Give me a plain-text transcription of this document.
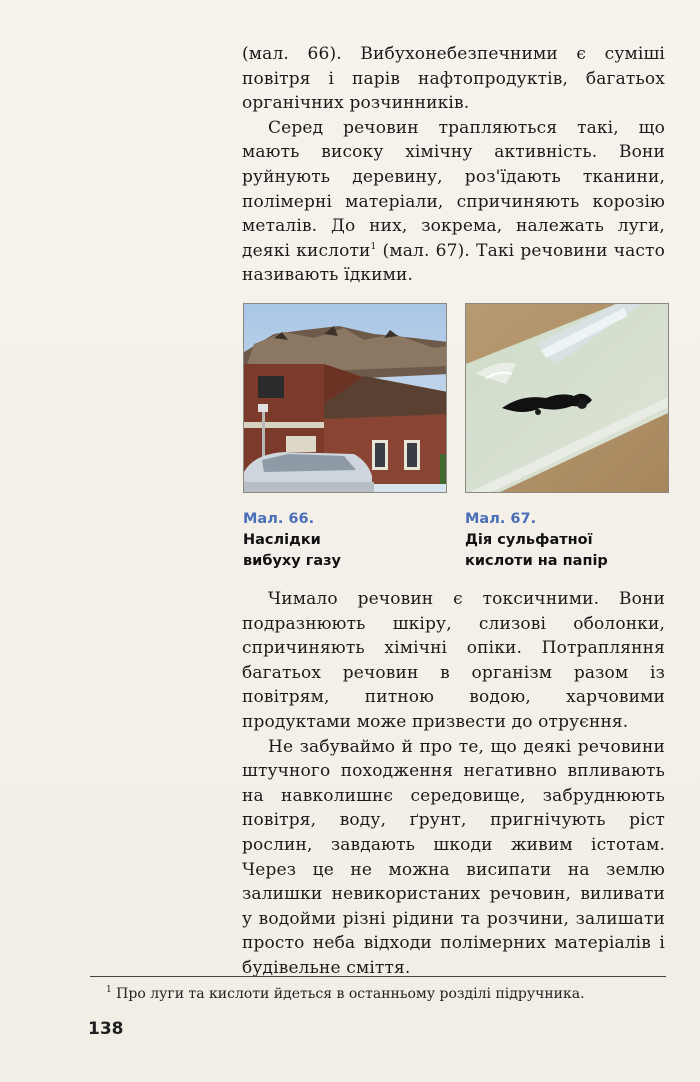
(мал. 66). Вибухонебезпечними є суміші повітря і парів нафтопродуктів, багатьох органічних розчинників.

Серед речовин трапляються такі, що мають високу хімічну активність. Вони руйнують деревину, роз'їдають тканини, полімерні матеріали, спричиняють корозію металів. До них, зокрема, належать луги, деякі кислоти$^1$ (мал. 67). Такі речовини часто називають їдкими.

Мал. 66.
Наслідки вибуху газу
Мал. 67.
Дія сульфатної кислоти на папір

Чимало речовин є токсичними. Вони подразнюють шкіру, слизові оболонки, спричиняють хімічні опіки. Потрапляння багатьох речовин в організм разом із повітрям, питною водою, харчовими продуктами може призвести до отруєння.

Не забуваймо й про те, що деякі речовини штучного походження негативно впливають на навколишнє середовище, забруднюють повітря, воду, ґрунт, пригнічують ріст рослин, завдають шкоди живим істотам. Через це не можна висипати на землю залишки невикористаних речовин, виливати у водойми різні рідини та розчини, залишати просто неба відходи полімерних матеріалів і будівельне сміття.

$^1$ Про луги та кислоти йдеться в останньому розділі підручника.
138
